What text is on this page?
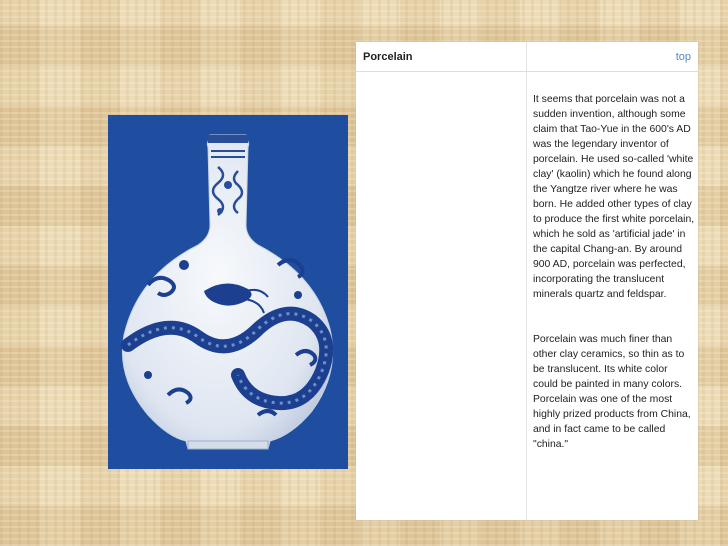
Porcelain	top

It seems that porcelain was not a sudden invention, although some claim that Tao-Yue in the 600's AD was the legendary inventor of porcelain. He used so-called 'white clay' (kaolin) which he found along the Yangtze river where he was born. He added other types of clay to produce the first white porcelain, which he sold as 'artificial jade' in the capital Chang-an. By around 900 AD, porcelain was perfected, incorporating the translucent minerals quartz and feldspar.

Porcelain was much finer than other clay ceramics, so thin as to be translucent. Its white color could be painted in many colors. Porcelain was one of the most highly prized products from China, and in fact came to be called "china."
